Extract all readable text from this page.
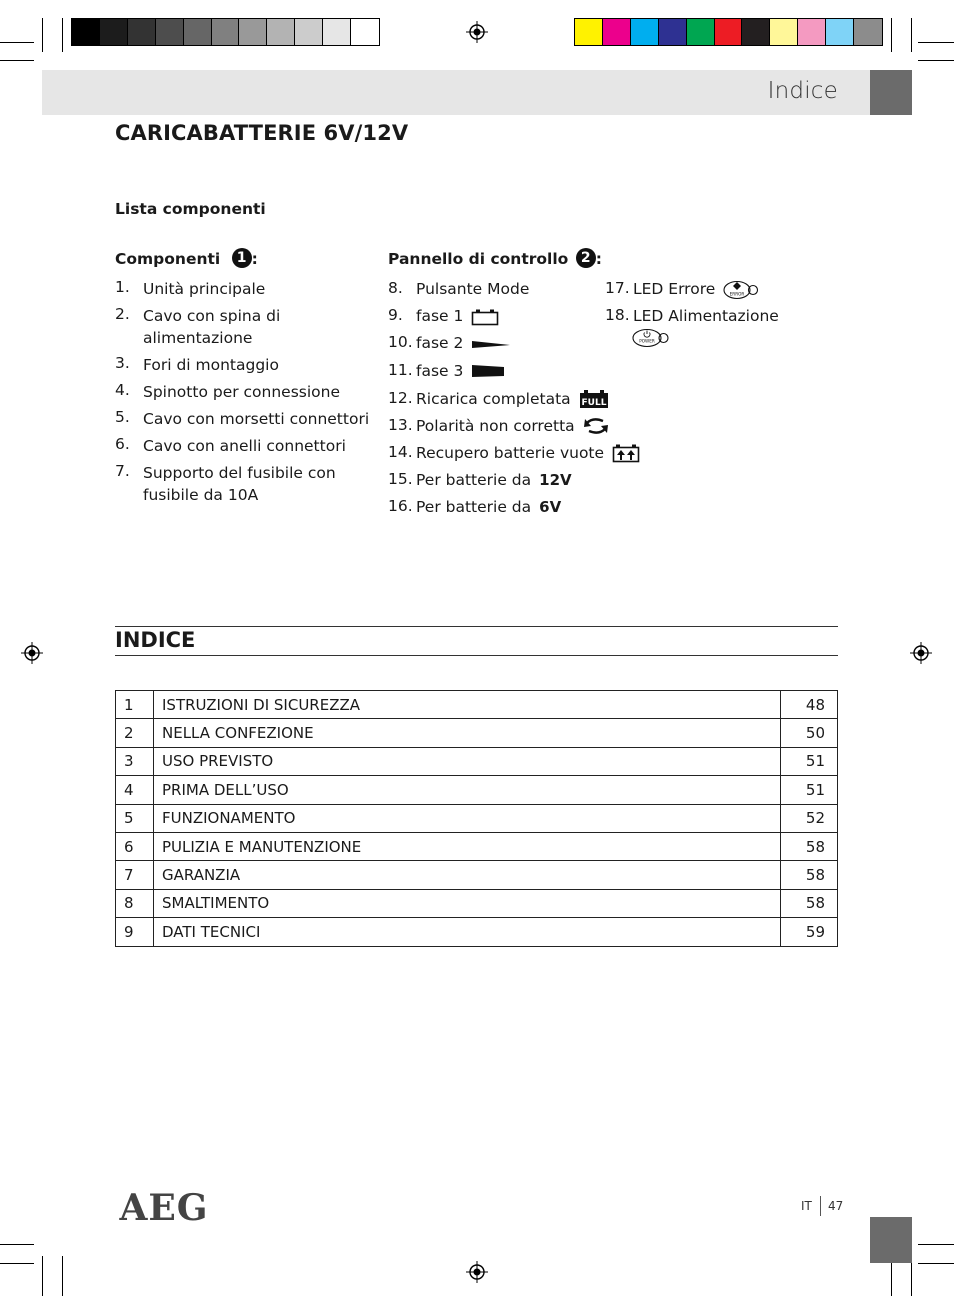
Indice
CARICABATTERIE 6V/12V
Lista componenti
Componenti 1 :
1. Unità principale
2. Cavo con spina di alimentazione
3. Fori di montaggio
4. Spinotto per connessione
5. Cavo con morsetti connettori
6. Cavo con anelli connettori
7. Supporto del fusibile con fusibile da 10A
Pannello di controllo 2 :
8. Pulsante Mode
9. fase 1
10. fase 2
11. fase 3
12. Ricarica completata FULL
13. Polarità non corretta
14. Recupero batterie vuote
15. Per batterie da 12V
16. Per batterie da 6V
17. LED Errore	ERROR
18. LED Alimentazione
POWER
INDICE
1	ISTRUZIONI DI SICUREZZA	48
2	NELLA CONFEZIONE	50
3	USO PREVISTO	51
4	PRIMA DELL’USO	51
5	FUNZIONAMENTO	52
6	PULIZIA E MANUTENZIONE	58
7	GARANZIA	58
8	SMALTIMENTO	58
9	DATI TECNICI	59
AEG	IT 47
